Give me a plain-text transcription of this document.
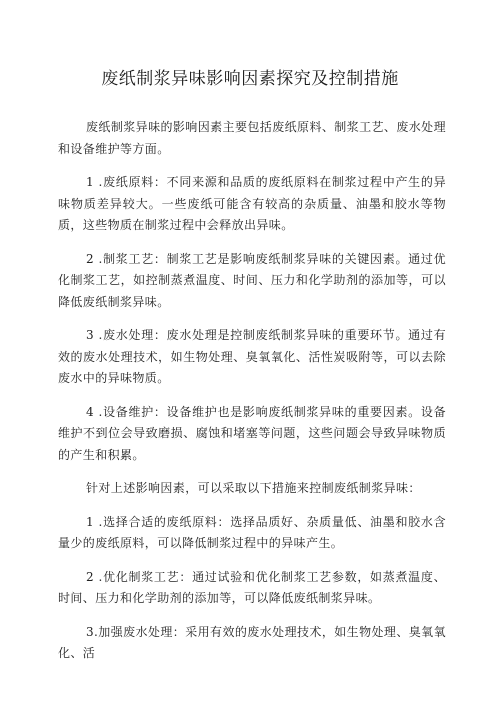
废纸制浆异味影响因素探究及控制措施

废纸制浆异味的影响因素主要包括废纸原料、制浆工艺、废水处理和设备维护等方面。

1 .废纸原料：不同来源和品质的废纸原料在制浆过程中产生的异味物质差异较大。一些废纸可能含有较高的杂质量、油墨和胶水等物质，这些物质在制浆过程中会释放出异味。

2 .制浆工艺：制浆工艺是影响废纸制浆异味的关键因素。通过优化制浆工艺，如控制蒸煮温度、时间、压力和化学助剂的添加等，可以降低废纸制浆异味。

3 .废水处理：废水处理是控制废纸制浆异味的重要环节。通过有效的废水处理技术，如生物处理、臭氧氧化、活性炭吸附等，可以去除废水中的异味物质。

4 .设备维护：设备维护也是影响废纸制浆异味的重要因素。设备维护不到位会导致磨损、腐蚀和堵塞等问题，这些问题会导致异味物质的产生和积累。

针对上述影响因素，可以采取以下措施来控制废纸制浆异味：

1 .选择合适的废纸原料：选择品质好、杂质量低、油墨和胶水含量少的废纸原料，可以降低制浆过程中的异味产生。

2 .优化制浆工艺：通过试验和优化制浆工艺参数，如蒸煮温度、时间、压力和化学助剂的添加等，可以降低废纸制浆异味。

3.加强废水处理：采用有效的废水处理技术，如生物处理、臭氧氧化、活
